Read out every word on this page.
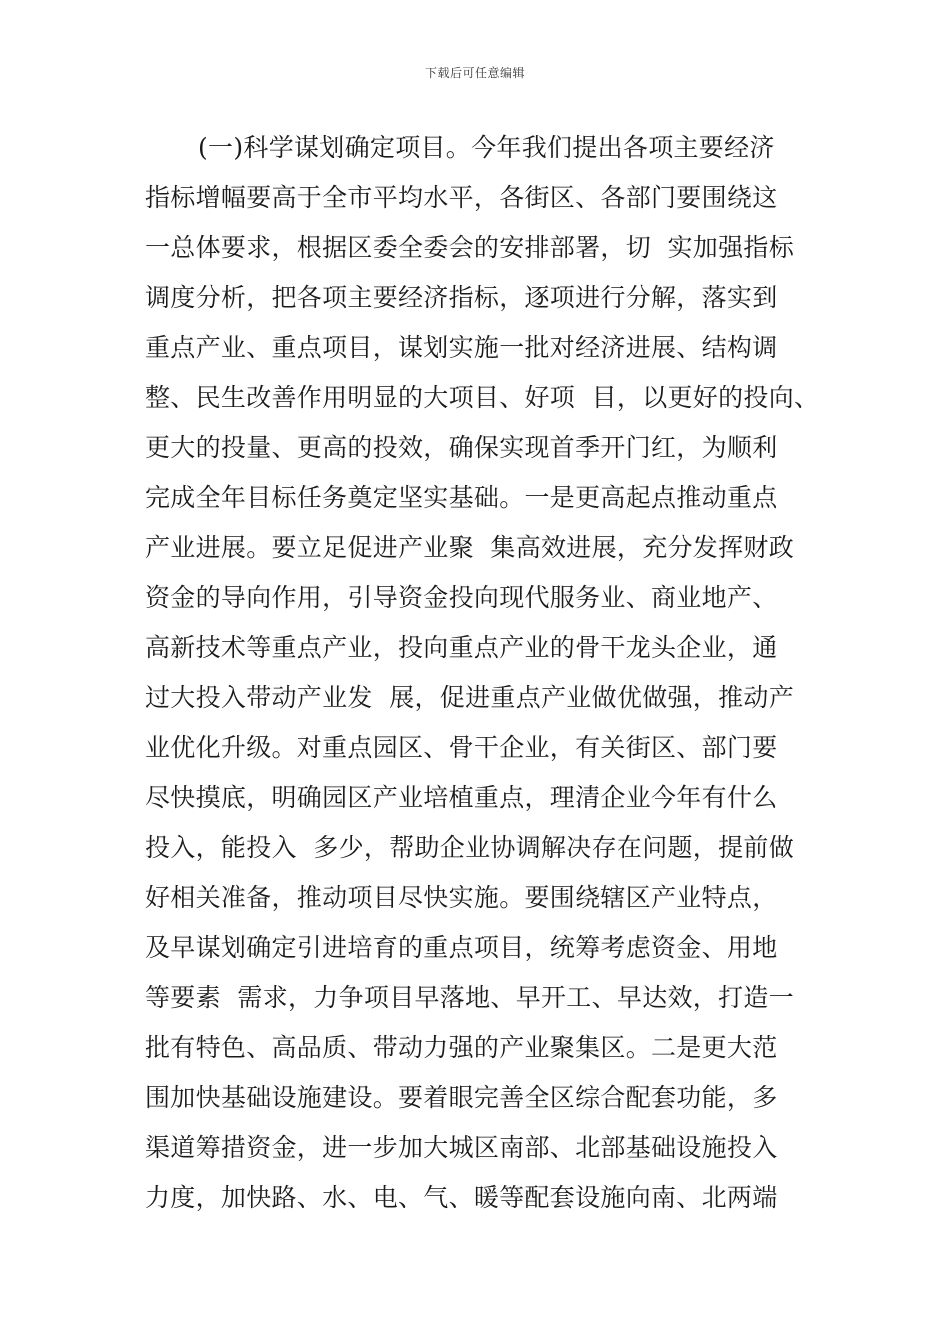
下载后可任意编辑
(一)科学谋划确定项目。今年我们提出各项主要经济
指标增幅要高于全市平均水平，各街区、各部门要围绕这
一总体要求，根据区委全委会的安排部署，切  实加强指标
调度分析，把各项主要经济指标，逐项进行分解，落实到
重点产业、重点项目，谋划实施一批对经济进展、结构调
整、民生改善作用明显的大项目、好项  目，以更好的投向、
更大的投量、更高的投效，确保实现首季开门红，为顺利
完成全年目标任务奠定坚实基础。一是更高起点推动重点
产业进展。要立足促进产业聚  集高效进展，充分发挥财政
资金的导向作用，引导资金投向现代服务业、商业地产、
高新技术等重点产业，投向重点产业的骨干龙头企业，通
过大投入带动产业发  展，促进重点产业做优做强，推动产
业优化升级。对重点园区、骨干企业，有关街区、部门要
尽快摸底，明确园区产业培植重点，理清企业今年有什么
投入，能投入  多少，帮助企业协调解决存在问题，提前做
好相关准备，推动项目尽快实施。要围绕辖区产业特点，
及早谋划确定引进培育的重点项目，统筹考虑资金、用地
等要素  需求，力争项目早落地、早开工、早达效，打造一
批有特色、高品质、带动力强的产业聚集区。二是更大范
围加快基础设施建设。要着眼完善全区综合配套功能，多
渠道筹措资金，进一步加大城区南部、北部基础设施投入
力度，加快路、水、电、气、暖等配套设施向南、北两端
